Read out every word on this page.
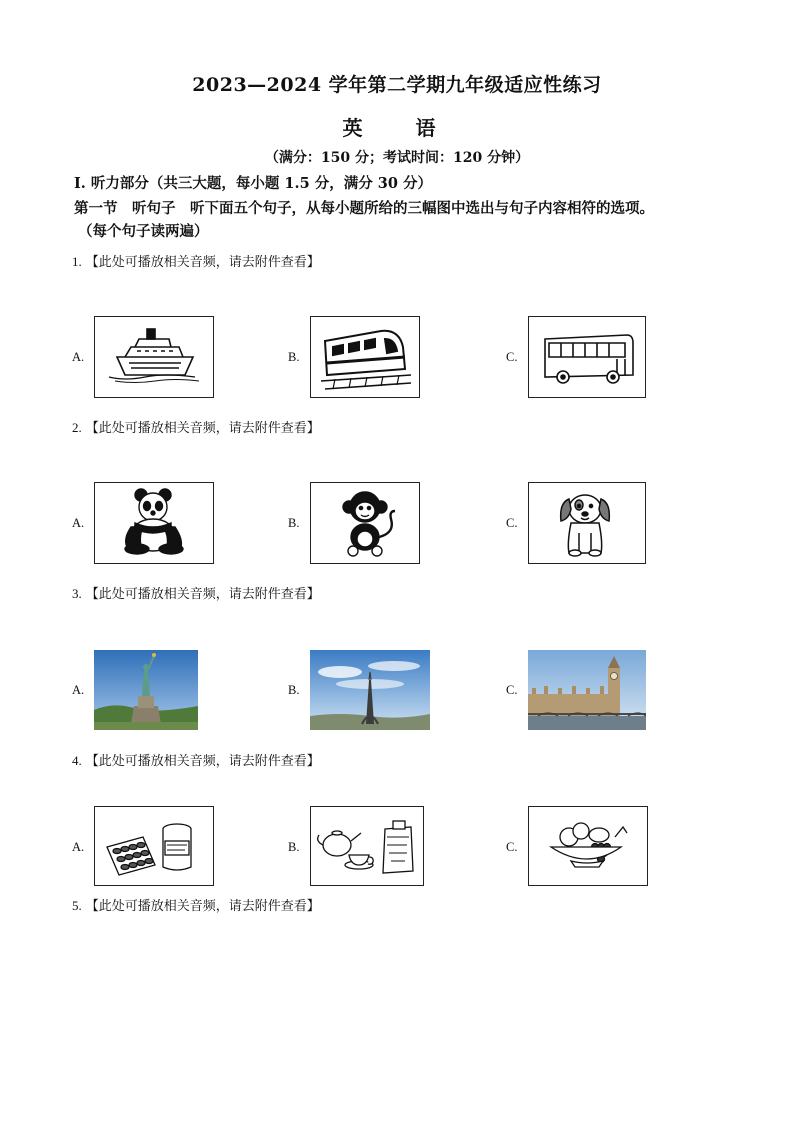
2023—2024 学年第二学期九年级适应性练习
英 语
（满分：150 分；考试时间：120 分钟）
Ⅰ. 听力部分（共三大题，每小题 1.5 分，满分 30 分）
第一节　听句子　听下面五个句子，从每小题所给的三幅图中选出与句子内容相符的选项。
（每个句子读两遍）
1. 【此处可播放相关音频，请去附件查看】
A.	B.	C.
2. 【此处可播放相关音频，请去附件查看】
A.	B.	C.
3. 【此处可播放相关音频，请去附件查看】
A.	B.	C.
4. 【此处可播放相关音频，请去附件查看】
A.	B.	C.
5. 【此处可播放相关音频，请去附件查看】
